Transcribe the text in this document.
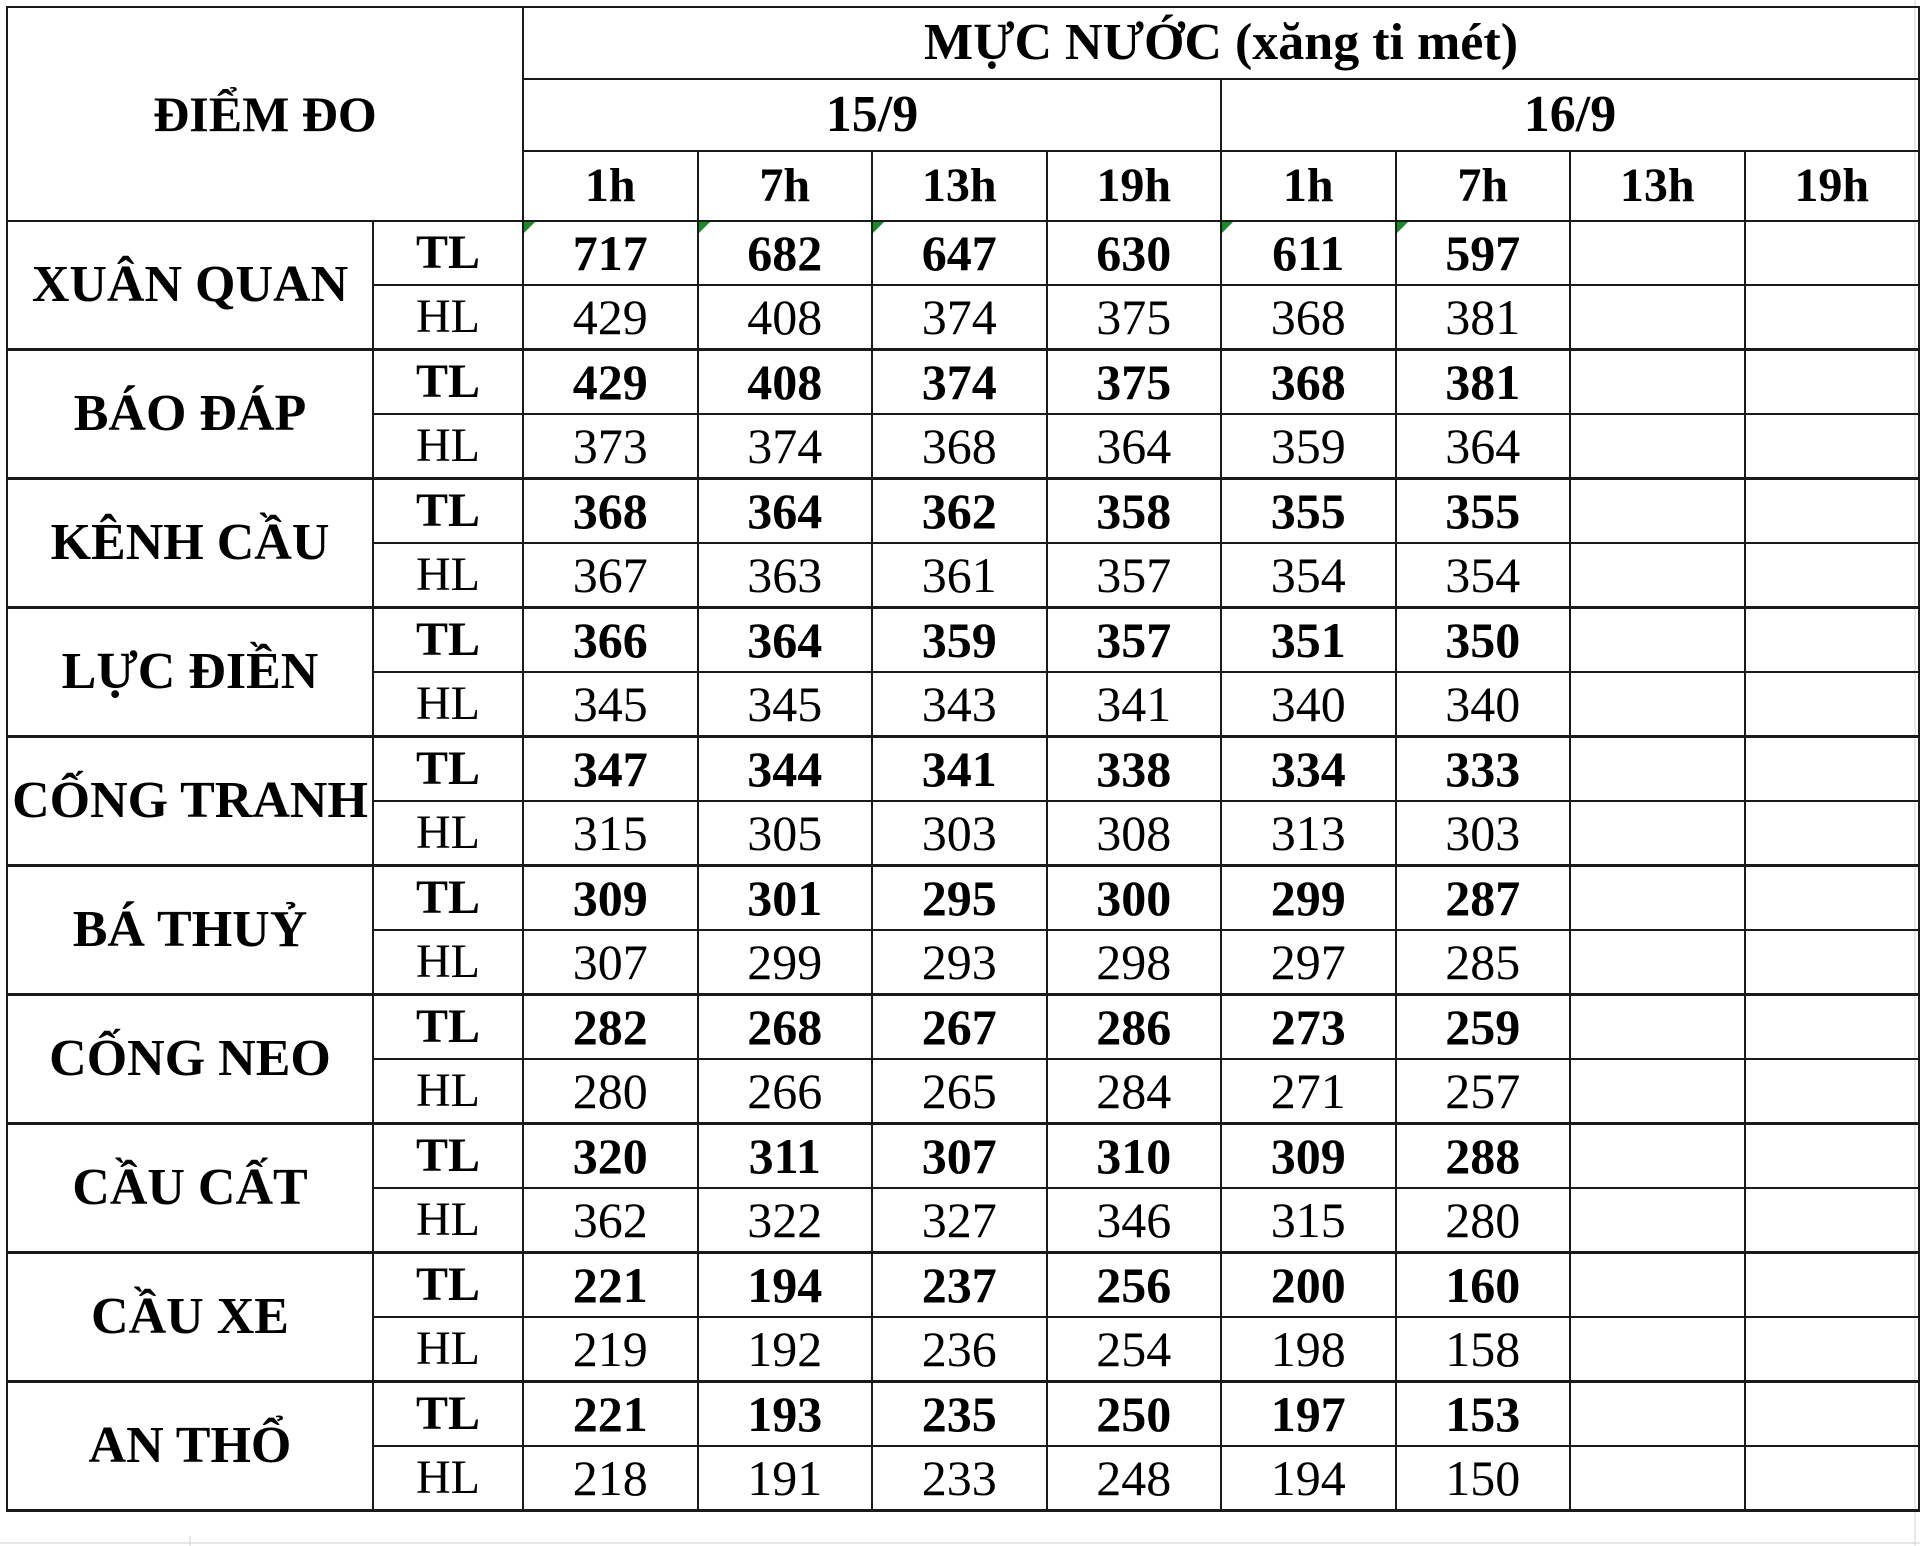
ĐIỂM ĐO		MỰC NƯỚC (xăng ti mét)							
		15/9				16/9			
		1h	7h	13h	19h	1h	7h	13h	19h
XUÂN QUAN	TL	717	682	647	630	611	597		
	HL	429	408	374	375	368	381		
BÁO ĐÁP	TL	429	408	374	375	368	381		
	HL	373	374	368	364	359	364		
KÊNH CẦU	TL	368	364	362	358	355	355		
	HL	367	363	361	357	354	354		
LỰC ĐIỀN	TL	366	364	359	357	351	350		
	HL	345	345	343	341	340	340		
CỐNG TRANH	TL	347	344	341	338	334	333		
	HL	315	305	303	308	313	303		
BÁ THUỶ	TL	309	301	295	300	299	287		
	HL	307	299	293	298	297	285		
CỐNG NEO	TL	282	268	267	286	273	259		
	HL	280	266	265	284	271	257		
CẦU CẤT	TL	320	311	307	310	309	288		
	HL	362	322	327	346	315	280		
CẦU XE	TL	221	194	237	256	200	160		
	HL	219	192	236	254	198	158		
AN THỔ	TL	221	193	235	250	197	153		
	HL	218	191	233	248	194	150		
